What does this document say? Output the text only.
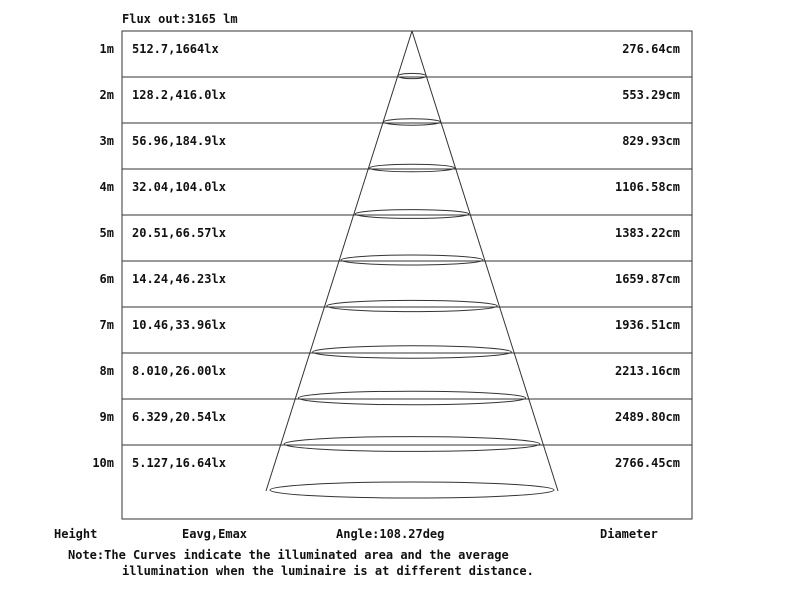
Flux out:3165 lm
1m 512.7,1664lx	276.64cm
2m 128.2,416.0lx	553.29cm
3m 56.96,184.9lx	829.93cm
4m 32.04,104.0lx	1106.58cm
5m 20.51,66.57lx	1383.22cm
6m 14.24,46.23lx	1659.87cm
7m 10.46,33.96lx	1936.51cm
8m 8.010,26.00lx	2213.16cm
9m 6.329,20.54lx	2489.80cm
10m 5.127,16.64lx	2766.45cm
Height	Eavg,Emax	Angle:108.27deg	Diameter
Note:The Curves indicate the illuminated area and the average
illumination when the luminaire is at different distance.
